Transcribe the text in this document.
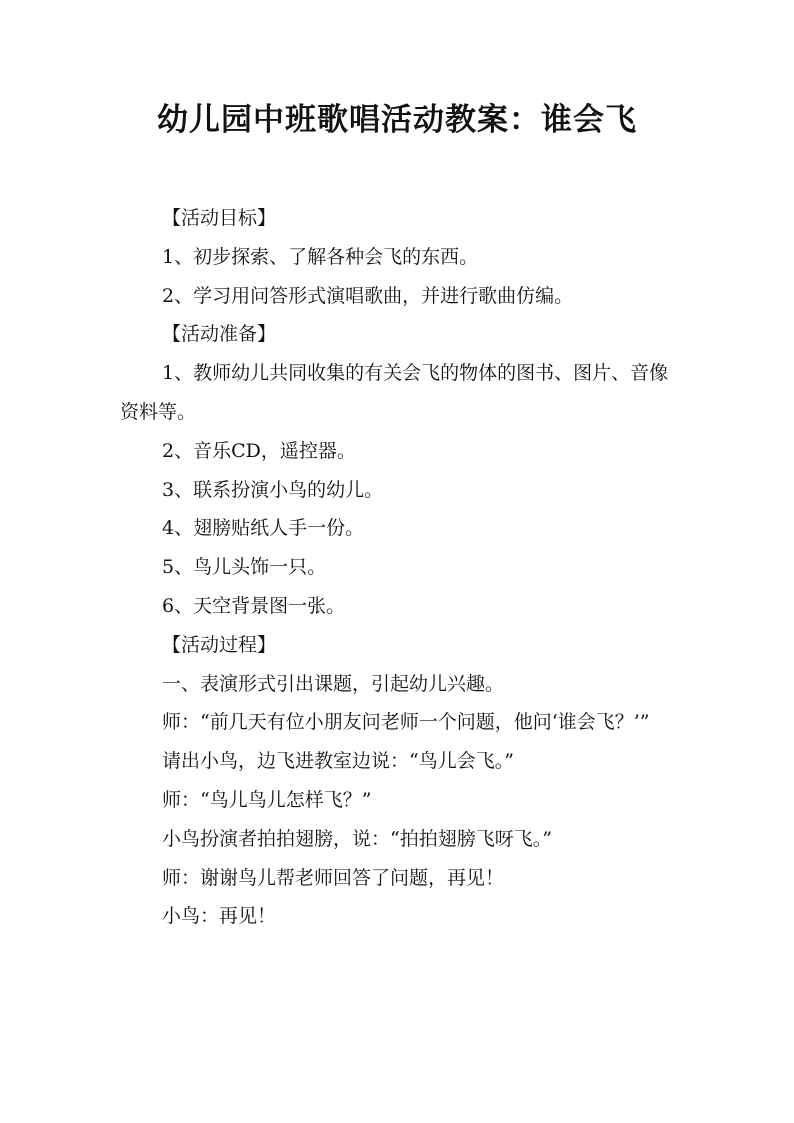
幼儿园中班歌唱活动教案：谁会飞

【活动目标】

1、初步探索、了解各种会飞的东西。

2、学习用问答形式演唱歌曲，并进行歌曲仿编。

【活动准备】

1、教师幼儿共同收集的有关会飞的物体的图书、图片、音像资料等。

2、音乐CD，遥控器。

3、联系扮演小鸟的幼儿。

4、翅膀贴纸人手一份。

5、鸟儿头饰一只。

6、天空背景图一张。

【活动过程】

一、表演形式引出课题，引起幼儿兴趣。

师：“前几天有位小朋友问老师一个问题，他问‘谁会飞？’”

请出小鸟，边飞进教室边说：“鸟儿会飞。”

师：“鸟儿鸟儿怎样飞？”

小鸟扮演者拍拍翅膀，说：“拍拍翅膀飞呀飞。”

师：谢谢鸟儿帮老师回答了问题，再见！

小鸟：再见！
